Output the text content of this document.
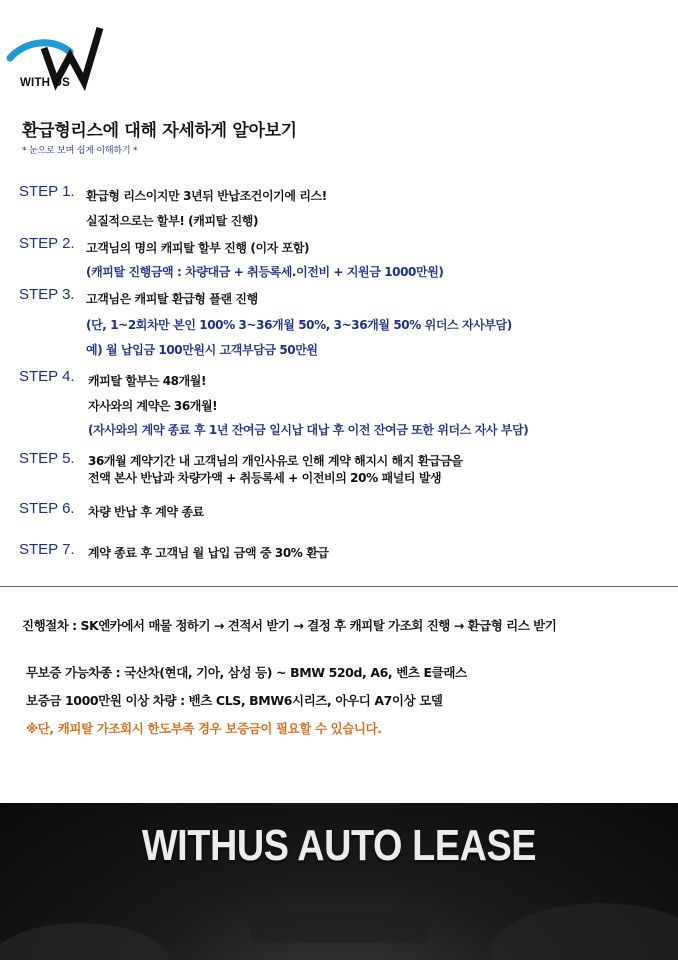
WITH US
환급형리스에 대해 자세하게 알아보기
* 눈으로 보며 쉽게 이해하기 *
STEP 1. 환급형 리스이지만 3년뒤 반납조건이기에 리스!
실질적으로는 할부! (캐피탈 진행)
STEP 2. 고객님의 명의 캐피탈 할부 진행 (이자 포함)
(캐피탈 진행금액 : 차량대금 + 취등록세.이전비 + 지원금 1000만원)
STEP 3. 고객님은 캐피탈 환급형 플랜 진행
(단, 1~2회차만 본인 100% 3~36개월 50%, 3~36개월 50% 위더스 자사부담)
예) 월 납입금 100만원시 고객부담금 50만원
STEP 4. 캐피탈 할부는 48개월!
자사와의 계약은 36개월!
(자사와의 계약 종료 후 1년 잔여금 일시납 대납 후 이전 잔여금 또한 위더스 자사 부담)
STEP 5. 36개월 계약기간 내 고객님의 개인사유로 인해 계약 해지시 해지 환급금을
전액 본사 반납과 차량가액 + 취등록세 + 이전비의 20% 패널티 발생
STEP 6. 차량 반납 후 계약 종료
STEP 7. 계약 종료 후 고객님 월 납입 금액 중 30% 환급
진행절차 : SK엔카에서 매물 정하기 → 견적서 받기 → 결정 후 캐피탈 가조회 진행 → 환급형 리스 받기
무보증 가능차종 : 국산차(현대, 기아, 삼성 등) ~ BMW 520d, A6, 벤츠 E클래스
보증금 1000만원 이상 차량 : 밴츠 CLS, BMW6시리즈, 아우디 A7이상 모델
※단, 캐피탈 가조회시 한도부족 경우 보증금이 필요할 수 있습니다.
WITHUS AUTO LEASE
